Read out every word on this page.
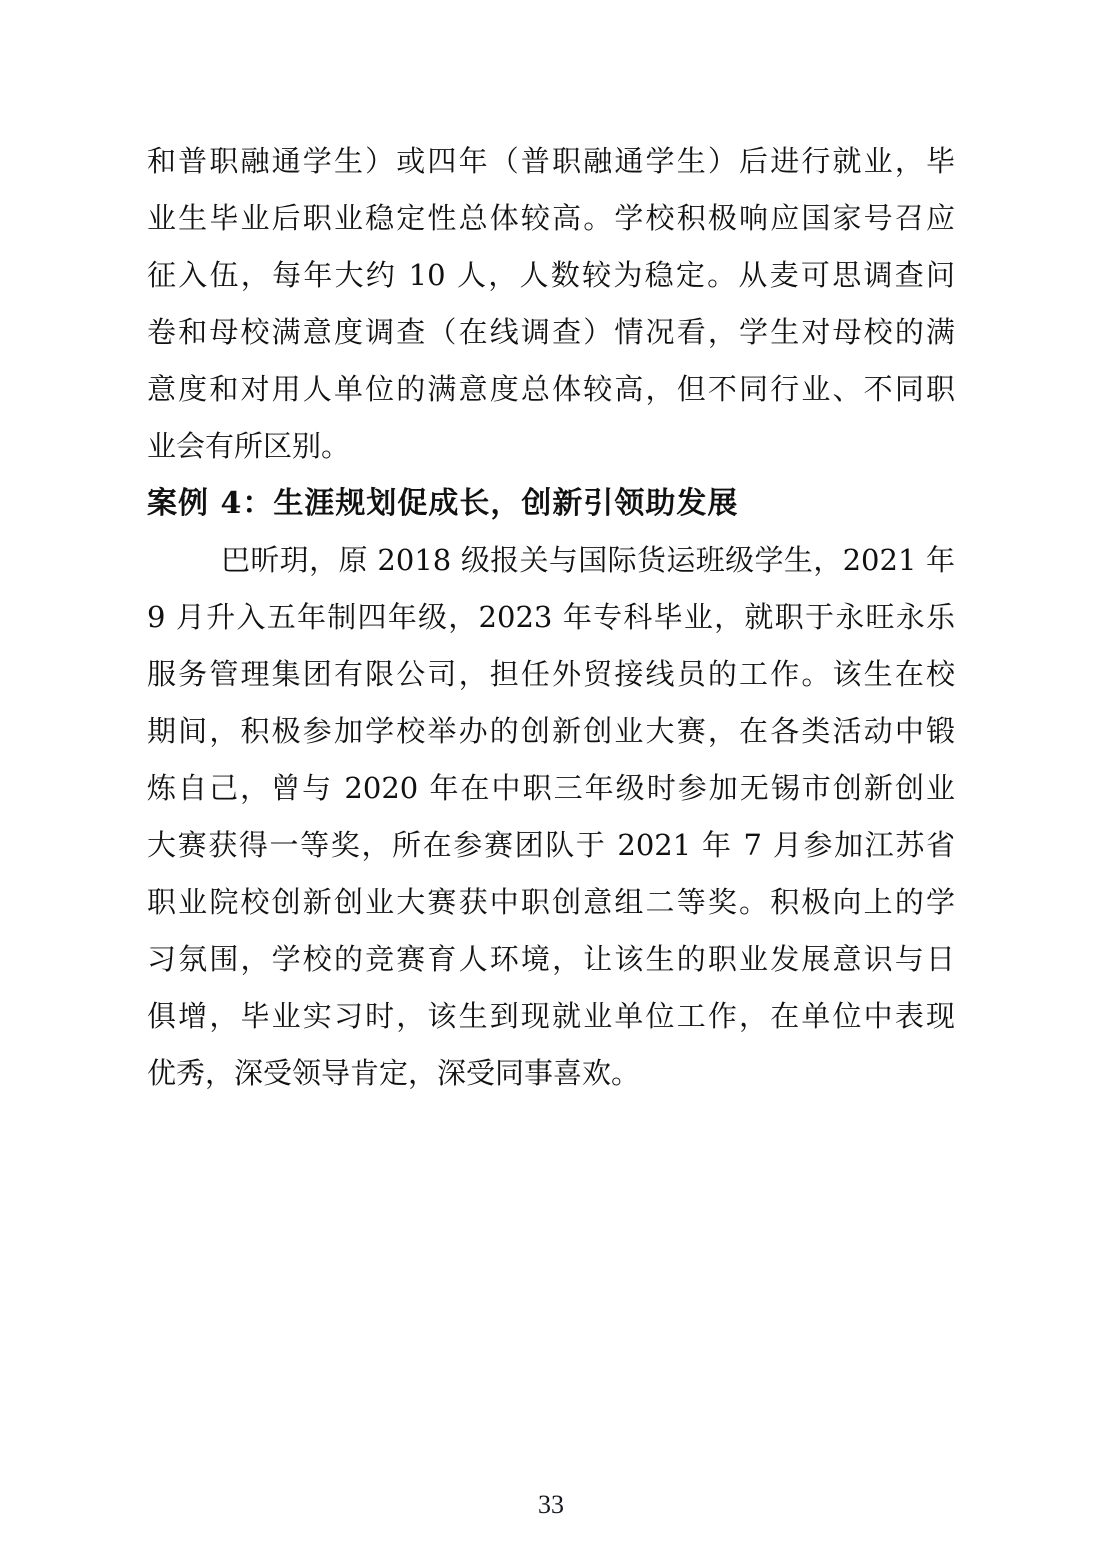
和普职融通学生）或四年（普职融通学生）后进行就业，毕

业生毕业后职业稳定性总体较高。学校积极响应国家号召应

征入伍，每年大约 10 人，人数较为稳定。从麦可思调查问

卷和母校满意度调查（在线调查）情况看，学生对母校的满

意度和对用人单位的满意度总体较高，但不同行业、不同职

业会有所区别。

案例 4：生涯规划促成长，创新引领助发展

巴昕玥，原 2018 级报关与国际货运班级学生，2021 年

9 月升入五年制四年级，2023 年专科毕业，就职于永旺永乐

服务管理集团有限公司，担任外贸接线员的工作。该生在校

期间，积极参加学校举办的创新创业大赛，在各类活动中锻

炼自己，曾与 2020 年在中职三年级时参加无锡市创新创业

大赛获得一等奖，所在参赛团队于 2021 年 7 月参加江苏省

职业院校创新创业大赛获中职创意组二等奖。积极向上的学

习氛围，学校的竞赛育人环境，让该生的职业发展意识与日

俱增，毕业实习时，该生到现就业单位工作，在单位中表现

优秀，深受领导肯定，深受同事喜欢。

33
